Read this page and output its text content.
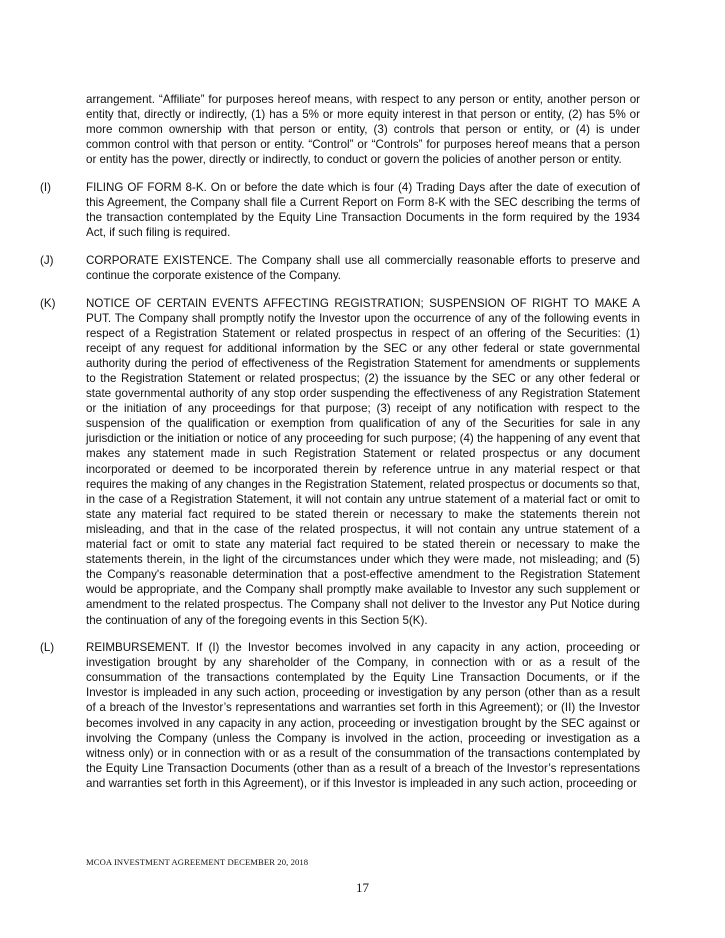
arrangement. “Affiliate” for purposes hereof means, with respect to any person or entity, another person or entity that, directly or indirectly, (1) has a 5% or more equity interest in that person or entity, (2) has 5% or more common ownership with that person or entity, (3) controls that person or entity, or (4) is under common control with that person or entity. “Control” or “Controls” for purposes hereof means that a person or entity has the power, directly or indirectly, to conduct or govern the policies of another person or entity.

(I)	FILING OF FORM 8-K. On or before the date which is four (4) Trading Days after the date of execution of this Agreement, the Company shall file a Current Report on Form 8-K with the SEC describing the terms of the transaction contemplated by the Equity Line Transaction Documents in the form required by the 1934 Act, if such filing is required.

(J)	CORPORATE EXISTENCE. The Company shall use all commercially reasonable efforts to preserve and continue the corporate existence of the Company.

(K)	NOTICE OF CERTAIN EVENTS AFFECTING REGISTRATION; SUSPENSION OF RIGHT TO MAKE A PUT. The Company shall promptly notify the Investor upon the occurrence of any of the following events in respect of a Registration Statement or related prospectus in respect of an offering of the Securities: (1) receipt of any request for additional information by the SEC or any other federal or state governmental authority during the period of effectiveness of the Registration Statement for amendments or supplements to the Registration Statement or related prospectus; (2) the issuance by the SEC or any other federal or state governmental authority of any stop order suspending the effectiveness of any Registration Statement or the initiation of any proceedings for that purpose; (3) receipt of any notification with respect to the suspension of the qualification or exemption from qualification of any of the Securities for sale in any jurisdiction or the initiation or notice of any proceeding for such purpose; (4) the happening of any event that makes any statement made in such Registration Statement or related prospectus or any document incorporated or deemed to be incorporated therein by reference untrue in any material respect or that requires the making of any changes in the Registration Statement, related prospectus or documents so that, in the case of a Registration Statement, it will not contain any untrue statement of a material fact or omit to state any material fact required to be stated therein or necessary to make the statements therein not misleading, and that in the case of the related prospectus, it will not contain any untrue statement of a material fact or omit to state any material fact required to be stated therein or necessary to make the statements therein, in the light of the circumstances under which they were made, not misleading; and (5) the Company's reasonable determination that a post-effective amendment to the Registration Statement would be appropriate, and the Company shall promptly make available to Investor any such supplement or amendment to the related prospectus. The Company shall not deliver to the Investor any Put Notice during the continuation of any of the foregoing events in this Section 5(K).

(L)	REIMBURSEMENT. If (I) the Investor becomes involved in any capacity in any action, proceeding or investigation brought by any shareholder of the Company, in connection with or as a result of the consummation of the transactions contemplated by the Equity Line Transaction Documents, or if the Investor is impleaded in any such action, proceeding or investigation by any person (other than as a result of a breach of the Investor’s representations and warranties set forth in this Agreement); or (II) the Investor becomes involved in any capacity in any action, proceeding or investigation brought by the SEC against or involving the Company (unless the Company is involved in the action, proceeding or investigation as a witness only) or in connection with or as a result of the consummation of the transactions contemplated by the Equity Line Transaction Documents (other than as a result of a breach of the Investor’s representations and warranties set forth in this Agreement), or if this Investor is impleaded in any such action, proceeding or

MCOA INVESTMENT AGREEMENT DECEMBER 20, 2018
17
